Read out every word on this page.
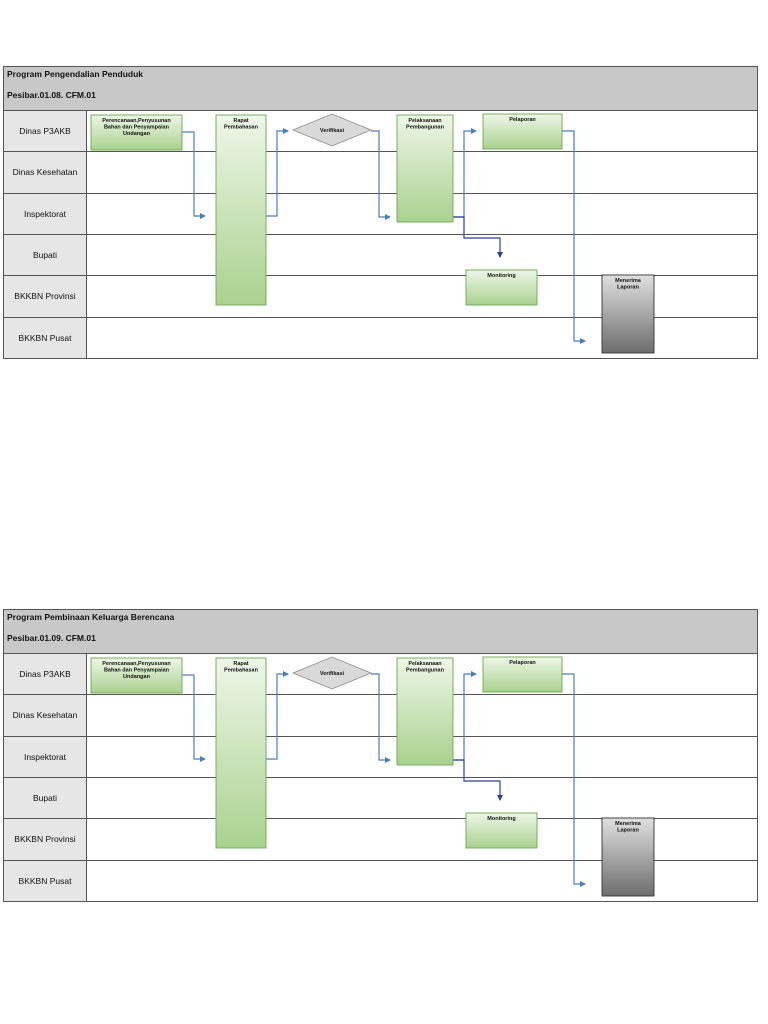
Program Pengendalian Penduduk
Pesibar.01.08. CFM.01
Dinas P3AKB
Dinas Kesehatan
Inspektorat
Bupati
BKKBN Provinsi
BKKBN Pusat
Perencanaan,Penyusunan
Bahan dan Penyampaian
Undangan
Rapat
Pembahasan
Verifikasi
Pelaksanaan
Pembangunan
Pelaporan
Monitoring
Menerima
Laporan
Program Pembinaan Keluarga Berencana
Pesibar.01.09. CFM.01
Dinas P3AKB
Dinas Kesehatan
Inspektorat
Bupati
BKKBN Provinsi
BKKBN Pusat
Perencanaan,Penyusunan
Bahan dan Penyampaian
Undangan
Rapat
Pembahasan
Verifikasi
Pelaksanaan
Pembangunan
Pelaporan
Monitoring
Menerima
Laporan
